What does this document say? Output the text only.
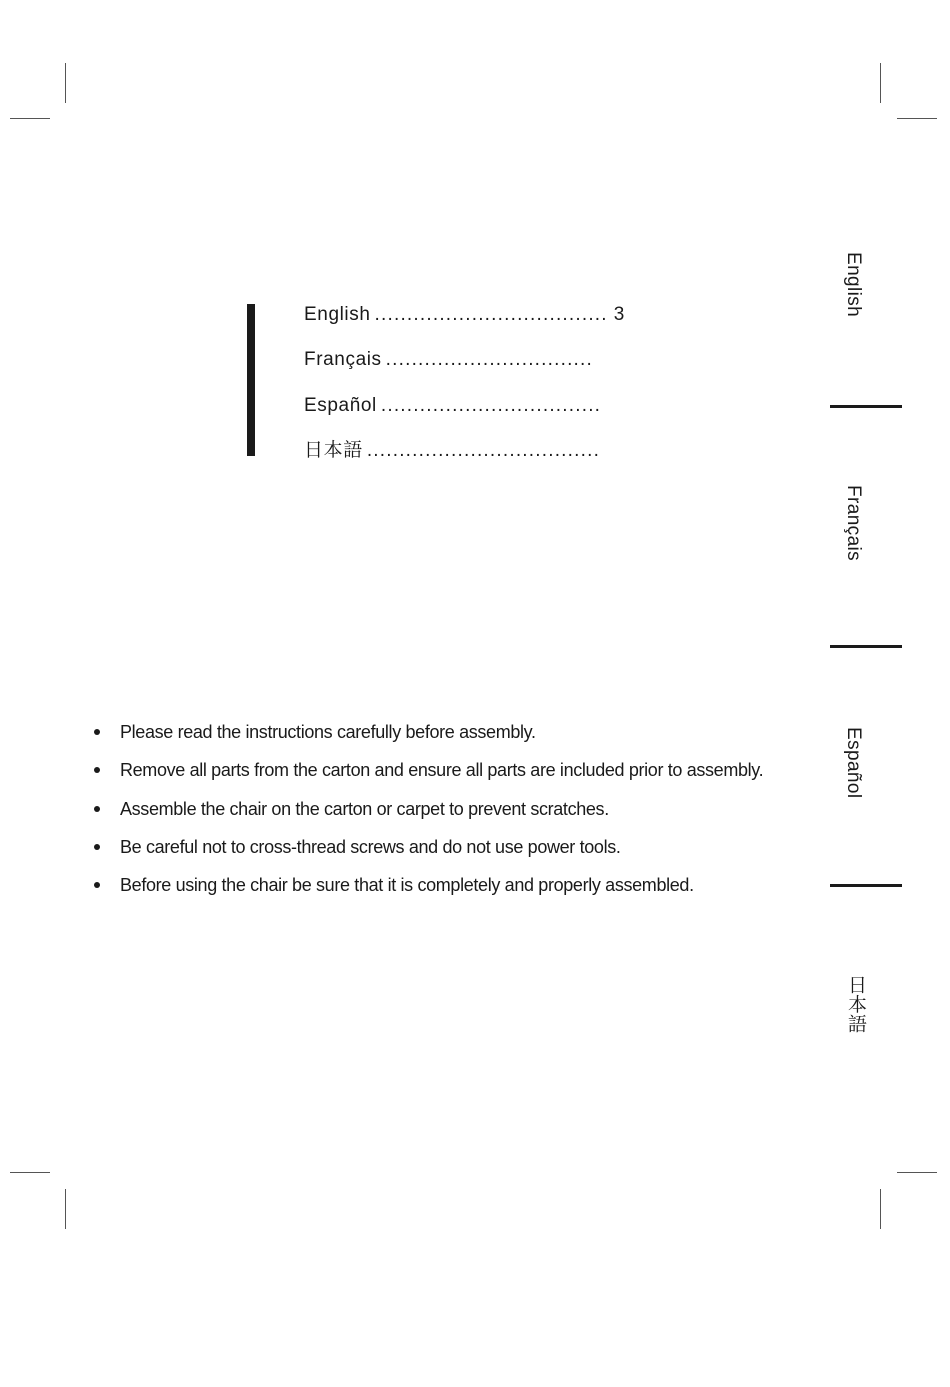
English .................................... 3
Français ................................
Español ..................................
日本語 ....................................
English
Français
Español
日本語
Please read the instructions carefully before assembly.
Remove all parts from the carton and ensure all parts are included prior to assembly.
Assemble the chair on the carton or carpet to prevent scratches.
Be careful not to cross-thread screws and do not use power tools.
Before using the chair be sure that it is completely and properly assembled.
